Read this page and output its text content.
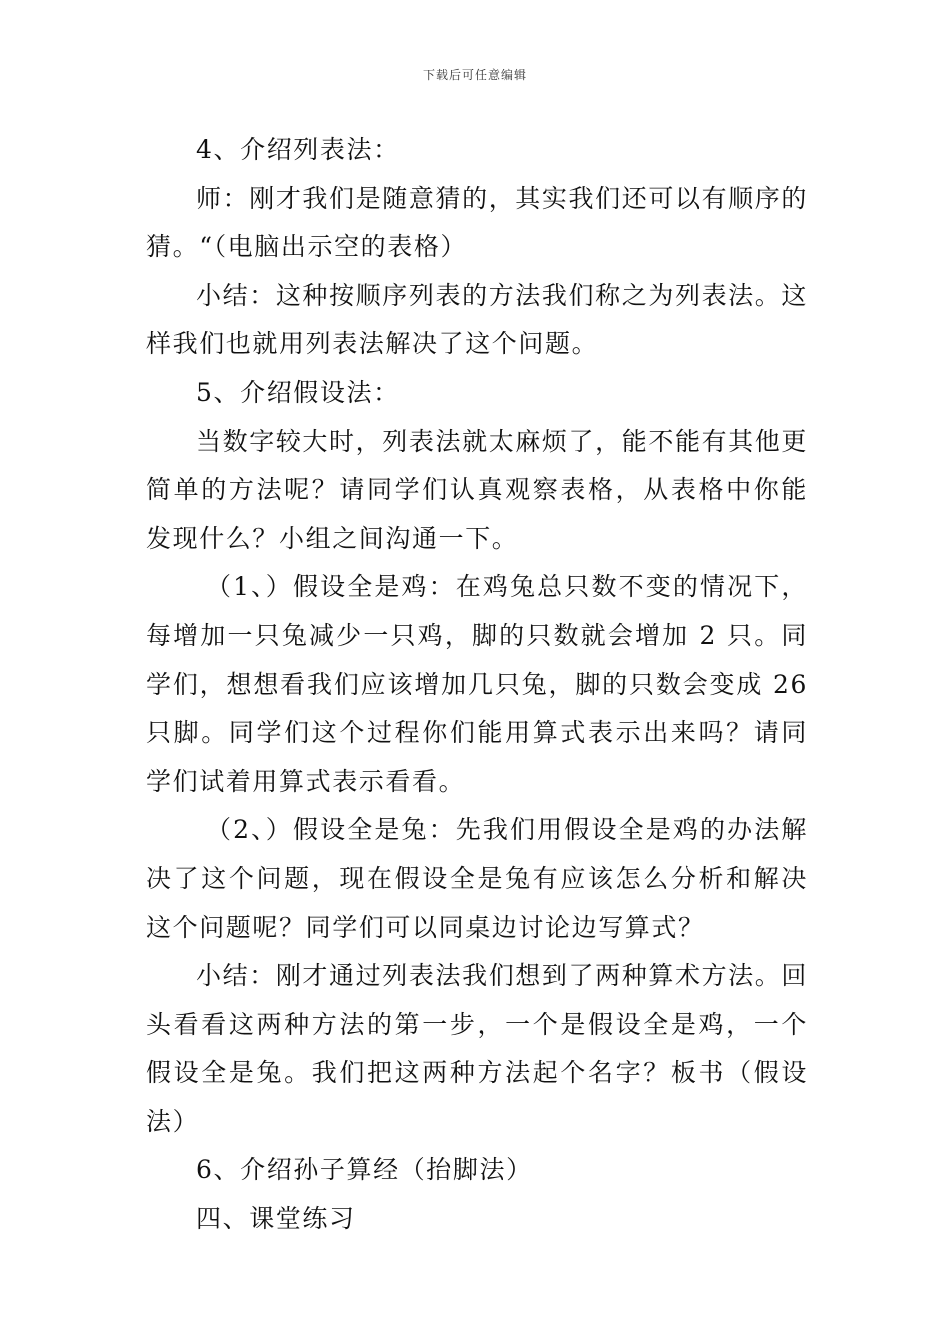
下载后可任意编辑

4、介绍列表法：

师：刚才我们是随意猜的，其实我们还可以有顺序的猜。“（电脑出示空的表格）

小结：这种按顺序列表的方法我们称之为列表法。这样我们也就用列表法解决了这个问题。

5、介绍假设法：

当数字较大时，列表法就太麻烦了，能不能有其他更简单的方法呢？请同学们认真观察表格，从表格中你能发现什么？小组之间沟通一下。

（1、）假设全是鸡：在鸡兔总只数不变的情况下，每增加一只兔减少一只鸡，脚的只数就会增加 2 只。同学们，想想看我们应该增加几只兔，脚的只数会变成 26 只脚。同学们这个过程你们能用算式表示出来吗？请同学们试着用算式表示看看。

（2、）假设全是兔：先我们用假设全是鸡的办法解决了这个问题，现在假设全是兔有应该怎么分析和解决这个问题呢？同学们可以同桌边讨论边写算式？

小结：刚才通过列表法我们想到了两种算术方法。回头看看这两种方法的第一步，一个是假设全是鸡，一个假设全是兔。我们把这两种方法起个名字？板书（假设法）

6、介绍孙子算经（抬脚法）

四、课堂练习
